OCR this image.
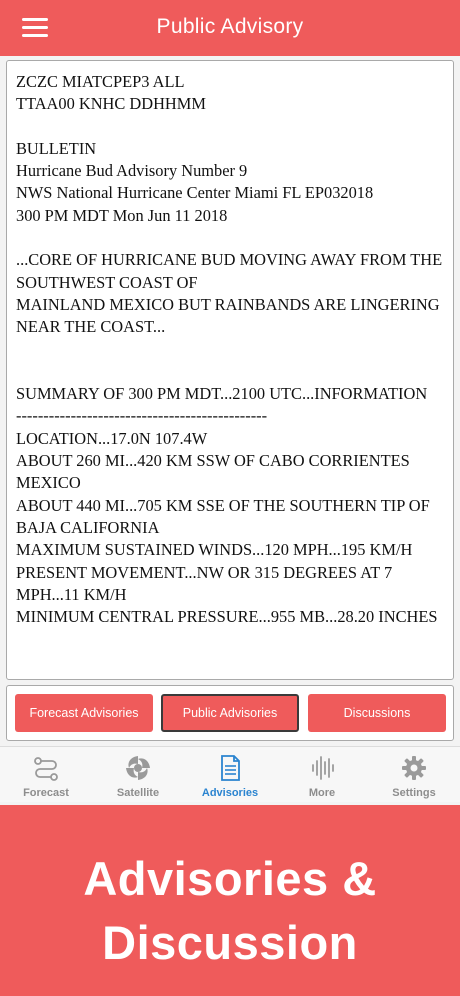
Public Advisory
ZCZC MIATCPEP3 ALL
TTAA00 KNHC DDHHMM

BULLETIN
Hurricane Bud Advisory Number 9
NWS National Hurricane Center Miami FL EP032018
300 PM MDT Mon Jun 11 2018

...CORE OF HURRICANE BUD MOVING AWAY FROM THE SOUTHWEST COAST OF
MAINLAND MEXICO BUT RAINBANDS ARE LINGERING NEAR THE COAST...

SUMMARY OF 300 PM MDT...2100 UTC...INFORMATION
----------------------------------------------
LOCATION...17.0N 107.4W
ABOUT 260 MI...420 KM SSW OF CABO CORRIENTES MEXICO
ABOUT 440 MI...705 KM SSE OF THE SOUTHERN TIP OF BAJA CALIFORNIA
MAXIMUM SUSTAINED WINDS...120 MPH...195 KM/H
PRESENT MOVEMENT...NW OR 315 DEGREES AT 7 MPH...11 KM/H
MINIMUM CENTRAL PRESSURE...955 MB...28.20 INCHES
Forecast Advisories	Public Advisories	Discussions
Forecast	Satellite	Advisories	More	Settings
Advisories &
Discussion
